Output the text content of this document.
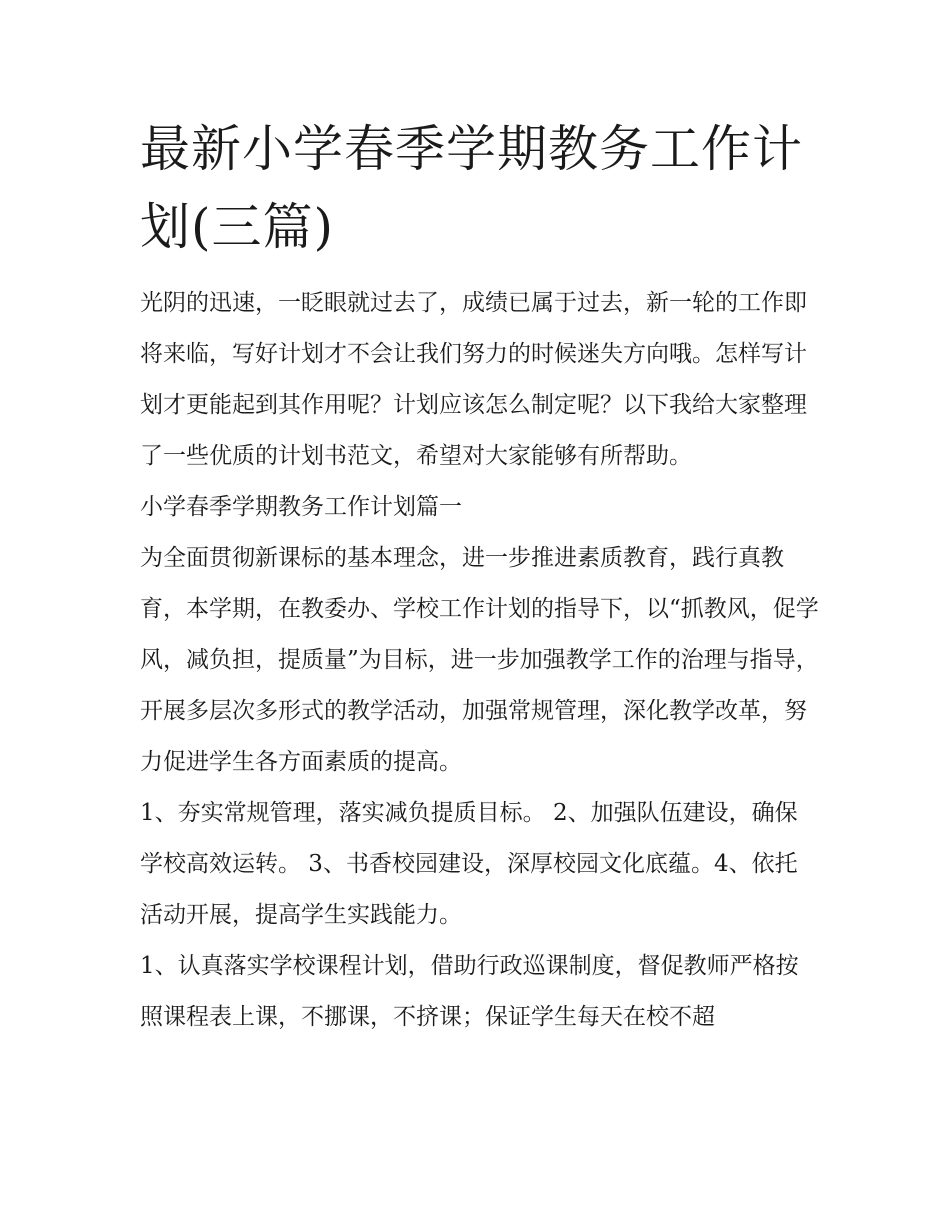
最新小学春季学期教务工作计划(三篇)

光阴的迅速，一眨眼就过去了，成绩已属于过去，新一轮的工作即将来临，写好计划才不会让我们努力的时候迷失方向哦。怎样写计划才更能起到其作用呢？计划应该怎么制定呢？以下我给大家整理了一些优质的计划书范文，希望对大家能够有所帮助。

小学春季学期教务工作计划篇一

为全面贯彻新课标的基本理念，进一步推进素质教育，践行真教育，本学期，在教委办、学校工作计划的指导下，以“抓教风，促学风，减负担，提质量”为目标，进一步加强教学工作的治理与指导，开展多层次多形式的教学活动，加强常规管理，深化教学改革，努力促进学生各方面素质的提高。

1、夯实常规管理，落实减负提质目标。 2、加强队伍建设，确保学校高效运转。 3、书香校园建设，深厚校园文化底蕴。4、依托活动开展，提高学生实践能力。

1、认真落实学校课程计划，借助行政巡课制度，督促教师严格按照课程表上课，不挪课，不挤课；保证学生每天在校不超
